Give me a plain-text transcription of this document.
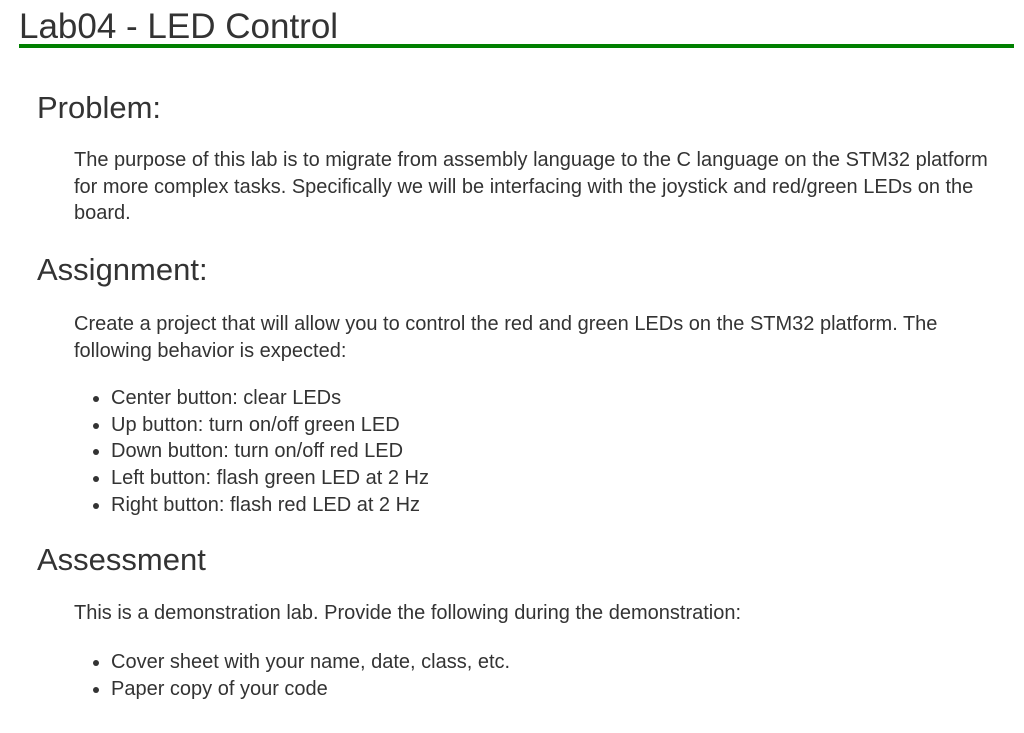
Lab04 - LED Control
Problem:

The purpose of this lab is to migrate from assembly language to the C language on the STM32 platform for more complex tasks. Specifically we will be interfacing with the joystick and red/green LEDs on the board.

Assignment:

Create a project that will allow you to control the red and green LEDs on the STM32 platform. The following behavior is expected:

• Center button: clear LEDs
• Up button: turn on/off green LED
• Down button: turn on/off red LED
• Left button: flash green LED at 2 Hz
• Right button: flash red LED at 2 Hz
Assessment

This is a demonstration lab. Provide the following during the demonstration:

• Cover sheet with your name, date, class, etc.
• Paper copy of your code
